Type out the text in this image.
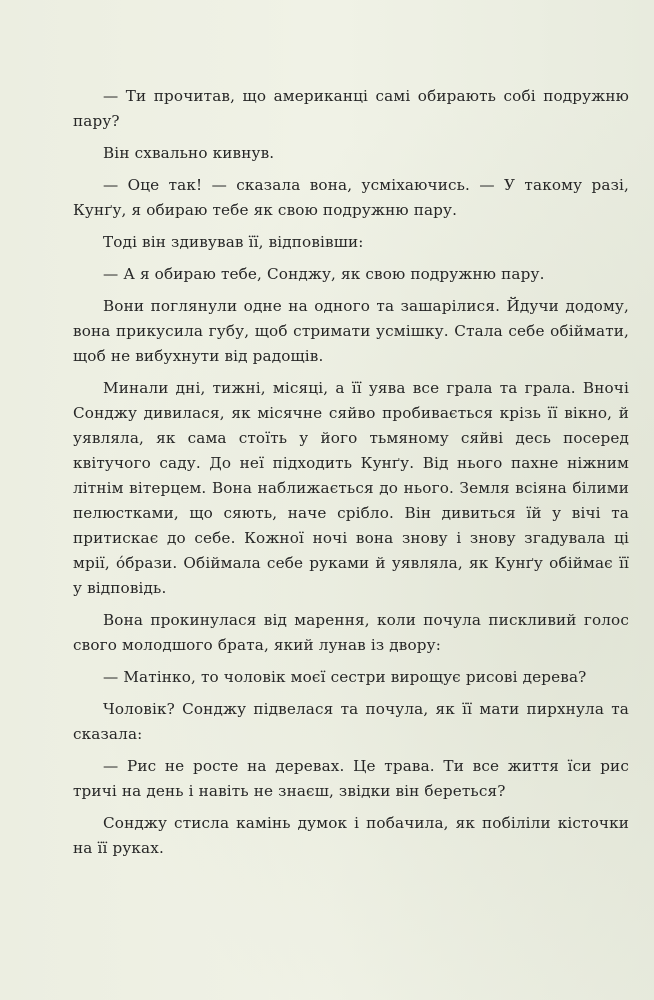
— Ти прочитав, що американці самі обирають собі подружню пару?

Він схвально кивнув.

— Оце так! — сказала вона, усміхаючись. — У такому разі, Кунґу, я обираю тебе як свою подружню пару.

Тоді він здивував її, відповівши:

— А я обираю тебе, Сонджу, як свою подружню пару.

Вони поглянули одне на одного та зашарілися. Йдучи додому, вона прикусила губу, щоб стримати усмішку. Стала себе обіймати, щоб не вибухнути від радощів.

Минали дні, тижні, місяці, а її уява все грала та грала. Вночі Сонджу дивилася, як місячне сяйво пробивається крізь її вікно, й уявляла, як сама стоїть у його тьмяному сяйві десь посеред квітучого саду. До неї підходить Кунґу. Від нього пахне ніжним літнім вітерцем. Вона наближається до нього. Земля всіяна білими пелюстками, що сяють, наче срібло. Він дивиться їй у вічі та притискає до себе. Кожної ночі вона знову і знову згадувала ці мрії, óбрази. Обіймала себе руками й уявляла, як Кунґу обіймає її у відповідь.

Вона прокинулася від марення, коли почула пискливий голос свого молодшого брата, який лунав із двору:

— Матінко, то чоловік моєї сестри вирощує рисові дерева?

Чоловік? Сонджу підвелася та почула, як її мати пирхнула та сказала:

— Рис не росте на деревах. Це трава. Ти все життя їси рис тричі на день і навіть не знаєш, звідки він береться?

Сонджу стисла камінь думок і побачила, як побіліли кісточки на її руках.
